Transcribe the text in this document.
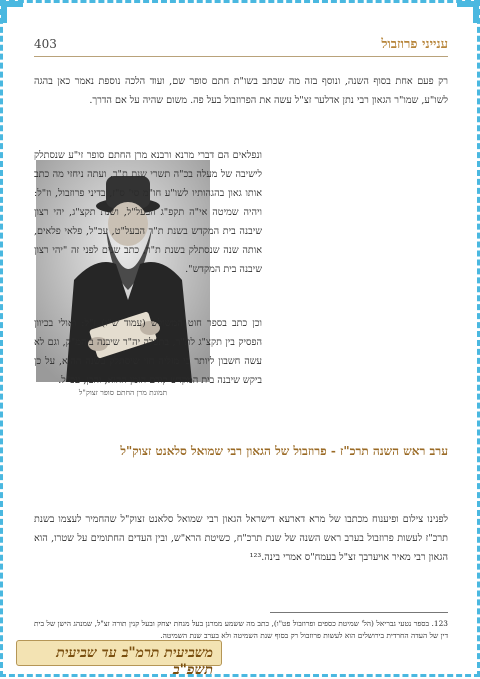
ענייני פרוזבול
403

רק פעם אחת בסוף השנה, ונוסף בזה מה שכתב בשו"ת חתם סופר שם, ועוד הלכה נוספת נאמר כאן בהגה לשו"ע, שמו"ר הגאון רבי נתן אדלער זצ"ל עשה את הפרוזבול בעל פה. משום שהיה על אם הדרך.

תמונת מרן החתם סופר זצוק"ל

ונפלאים הם דברי מרנא ורבנא מרן החתם סופר זי"ע שנסתלק לישיבה של מעלה בכ"ה תשרי שנת ת"ר, ועתה ניחזי מה כתב אותו גאון בהגהותיו לשו"ע חו"מ סי' ס"ז, בדיני פרוזבול, וז"ל: ויהיה שמיטה אי"ה תקפ"ג הבעל"ל, ושנת תקצ"ג, יהי רצון שיבנה בית המקדש בשנת ת"ר הבעל"ט, עכ"ל, פלאי פלאים, אותה שנה שנסתלק בשנת ת"ר, כתב שנים לפני זה "יהי רצון שיבנה בית המקדש".

וכן כתב בספר חוט המשולש (עמוד ש"ו) ז"ל: ואולי בכיוון הפסיק בין תקצ"ג לת"ר, בתפלה יה"ר שיבנה ביהמ"ק, וגם לא עשה חשבון ליותר כי מזליה חזי שיסתלק בשנה ההיא, על כן ביקש שיבנה בית המקדש קודם הזמן ההוא, והבן, עכ"ל.

ערב ראש השנה תרכ"ז - פרוזבול של הגאון רבי שמואל סלאנט זצוק"ל

לפנינו צילום ופיענוח מכתבו של מרא דארעא דישראל הגאון רבי שמואל סלאנט זצוק"ל שהחמיר לעצמו בשנת תרכ"ז לעשות פרוזבול בערב ראש השנה של שנת תרכ"ח, כשיטת הרא"ש, ובין העדים החתומים על שטרו, הוא הגאון רבי מאיר אויערבך זצ"ל בעמח"ס אמרי בינה.¹²³

123. בספר נטעי גבריאל (הל' שמיטת כספים ופרוזבול פט"ו), כתב מה ששמע ממרנן בעל מנחת יצחק ובעל קנין תורה זצ"ל, שמנהג הישן של בית דין של העדה החרדית בירושלים הוא לעשות פרוזבול רק בסוף שנת השמיטה ולא בערב שנת השמיטה.

משביעית תרמ"ב עד שביעית תשפ"ב
